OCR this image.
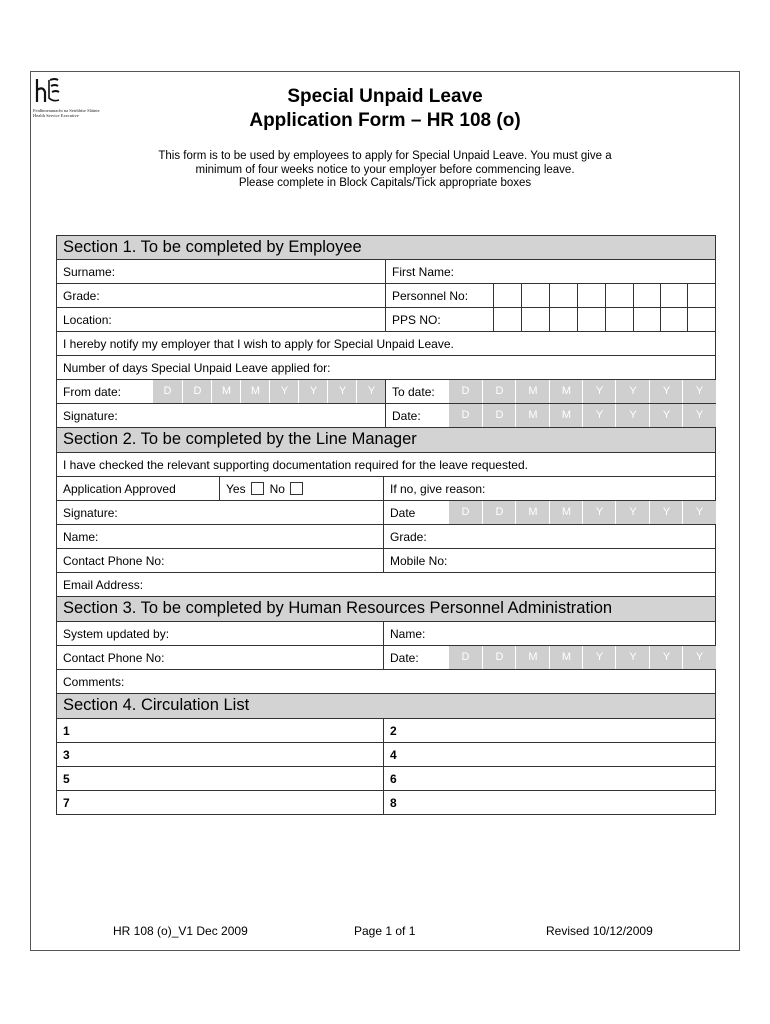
Feidhmeannacht na Seirbhíse Sláinte
Health Service Executive
Special Unpaid Leave
Application Form – HR 108 (o)
This form is to be used by employees to apply for Special Unpaid Leave. You must give a
minimum of four weeks notice to your employer before commencing leave.
Please complete in Block Capitals/Tick appropriate boxes
Section 1. To be completed by Employee
Surname:	First Name:
Grade:	Personnel No:
Location:	PPS NO:
I hereby notify my employer that I wish to apply for Special Unpaid Leave.
Number of days Special Unpaid Leave applied for:
From date:	D	D	M	M	Y	Y	Y	Y	To date:	D	D	M	M	Y	Y	Y	Y
Signature:	Date:	D	D	M	M	Y	Y	Y	Y
Section 2. To be completed by the Line Manager
I have checked the relevant supporting documentation required for the leave requested.
Application Approved	Yes No	If no, give reason:
Signature:	Date	D	D	M	M	Y	Y	Y	Y
Name:	Grade:
Contact Phone No:	Mobile No:
Email Address:
Section 3. To be completed by Human Resources Personnel Administration
System updated by:	Name:
Contact Phone No:	Date:	D	D	M	M	Y	Y	Y	Y
Comments:
Section 4. Circulation List
1	2
3	4
5	6
7	8
HR 108 (o)_V1 Dec 2009	Page 1 of 1	Revised 10/12/2009
